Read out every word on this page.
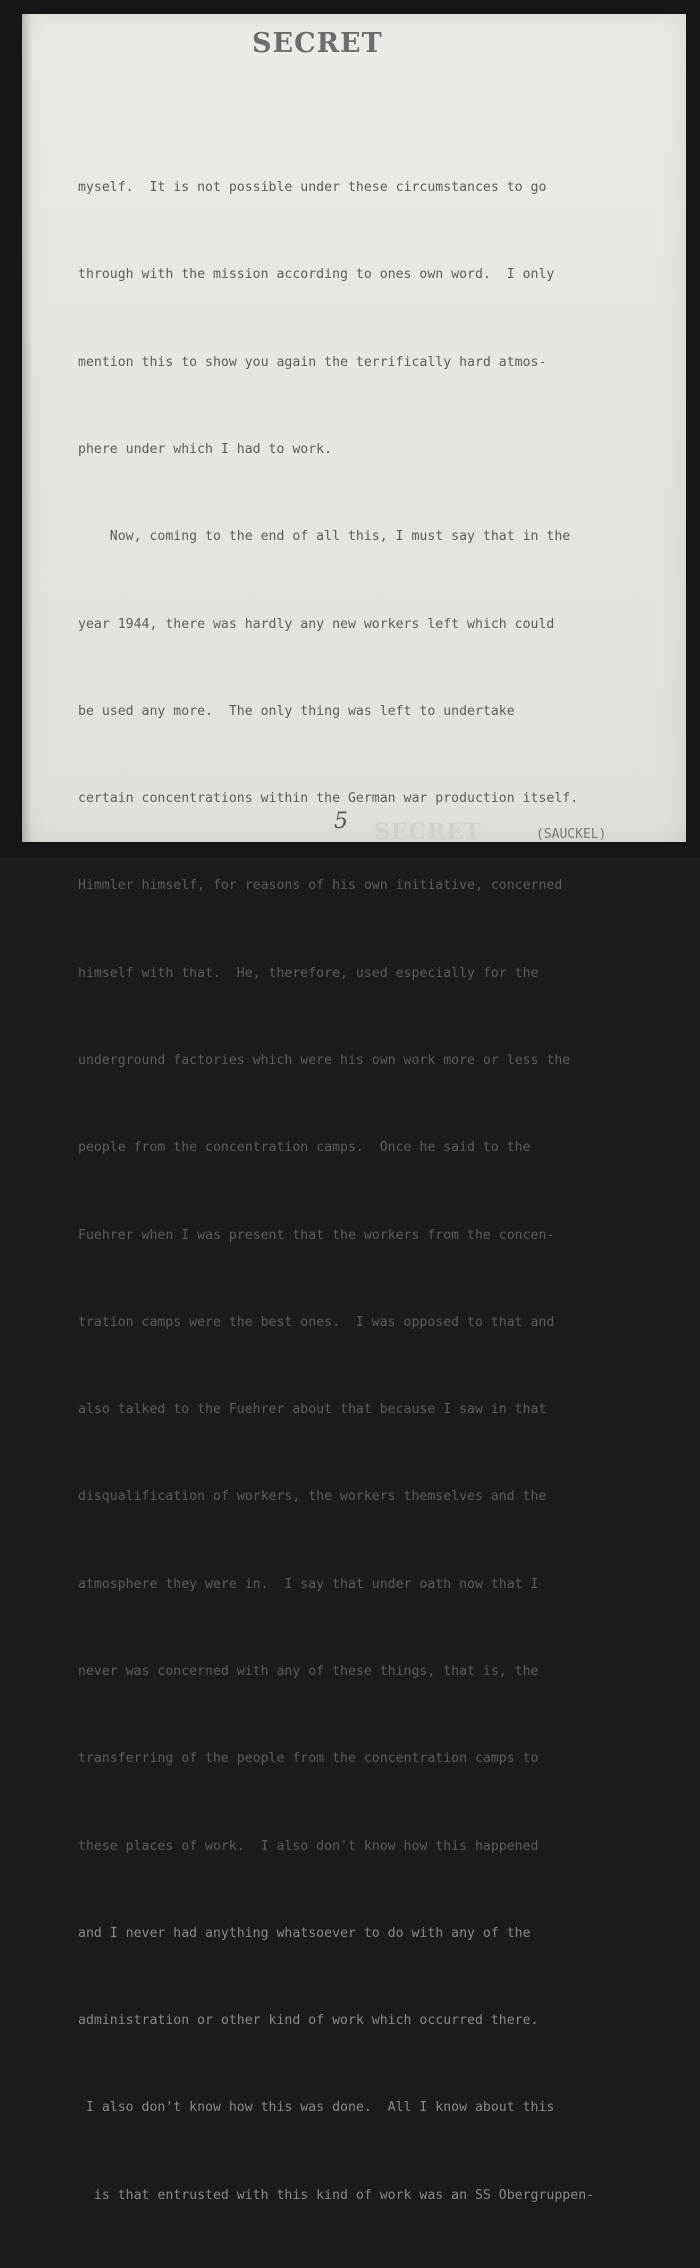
SECRET

myself.  It is not possible under these circumstances to go

through with the mission according to ones own word.  I only

mention this to show you again the terrifically hard atmos-

phere under which I had to work.

Now, coming to the end of all this, I must say that in the

year 1944, there was hardly any new workers left which could

be used any more.  The only thing was left to undertake

certain concentrations within the German war production itself.

Himmler himself, for reasons of his own initiative, concerned

himself with that.  He, therefore, used especially for the

underground factories which were his own work more or less the

people from the concentration camps.  Once he said to the

Fuehrer when I was present that the workers from the concen-

tration camps were the best ones.  I was opposed to that and

also talked to the Fuehrer about that because I saw in that

disqualification of workers, the workers themselves and the

atmosphere they were in.  I say that under oath now that I

never was concerned with any of these things, that is, the

transferring of the people from the concentration camps to

these places of work.  I also don't know how this happened

and I never had anything whatsoever to do with any of the

administration or other kind of work which occurred there.

I also don't know how this was done.  All I know about this

is that entrusted with this kind of work was an SS Obergruppen-

SECRET
5
(SAUCKEL)
